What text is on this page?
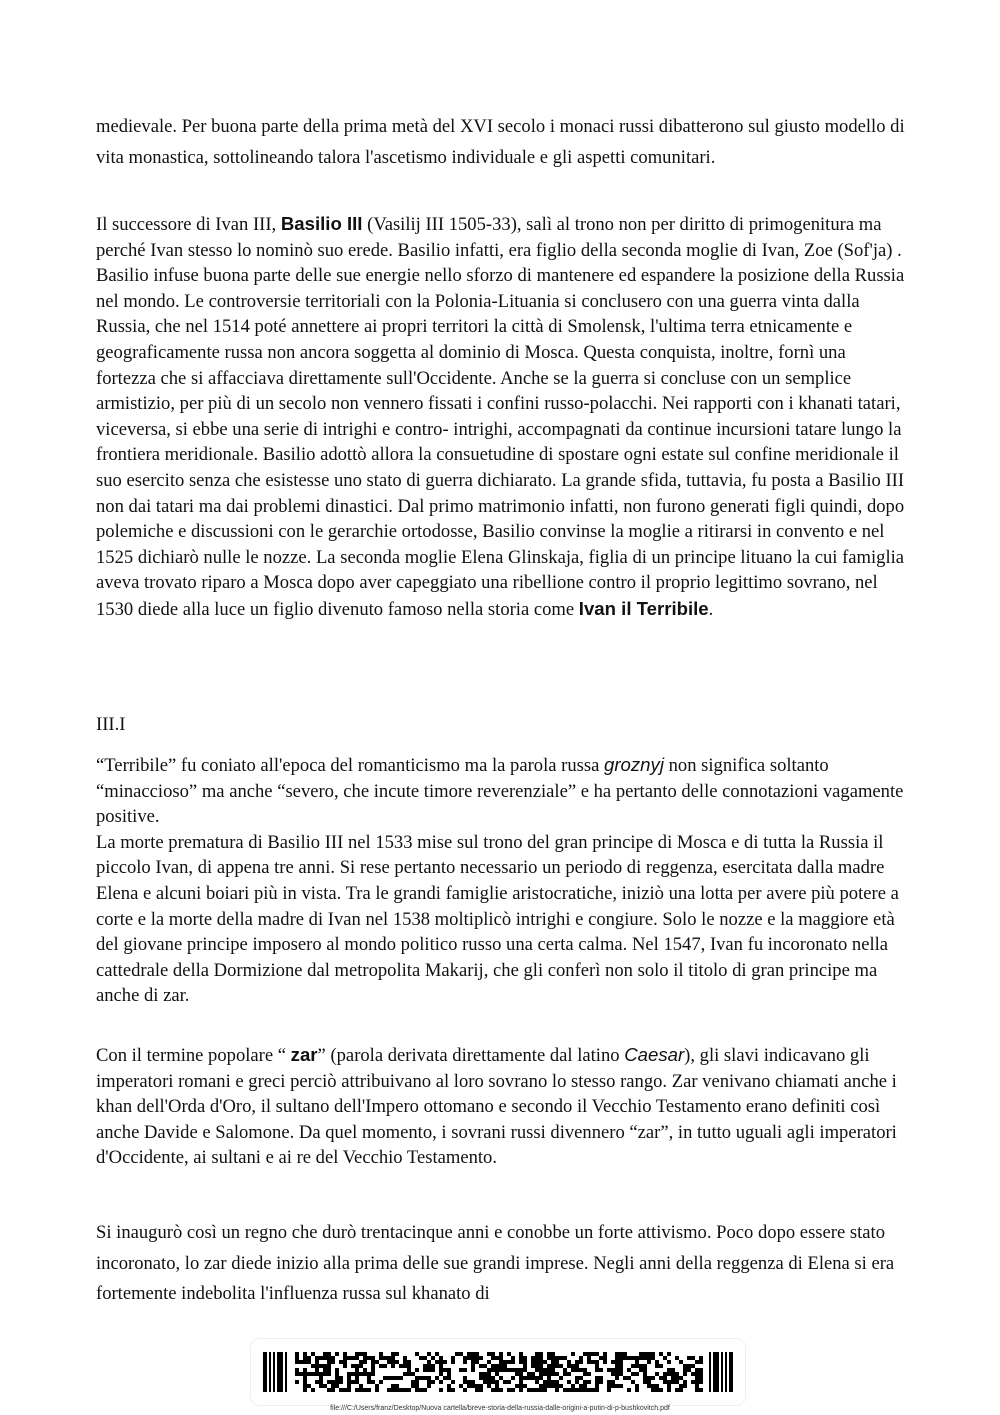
medievale. Per buona parte della prima metà del XVI secolo i monaci russi dibatterono sul giusto modello di vita monastica, sottolineando talora l'ascetismo individuale e gli aspetti comunitari.

Il successore di Ivan III, Basilio III (Vasilij III 1505-33), salì al trono non per diritto di primogenitura ma perché Ivan stesso lo nominò suo erede. Basilio infatti, era figlio della seconda moglie di Ivan, Zoe (Sof'ja) . Basilio infuse buona parte delle sue energie nello sforzo di mantenere ed espandere la posizione della Russia nel mondo. Le controversie territoriali con la Polonia-Lituania si conclusero con una guerra vinta dalla Russia, che nel 1514 poté annettere ai propri territori la città di Smolensk, l'ultima terra etnicamente e geograficamente russa non ancora soggetta al dominio di Mosca. Questa conquista, inoltre, fornì una fortezza che si affacciava direttamente sull'Occidente. Anche se la guerra si concluse con un semplice armistizio, per più di un secolo non vennero fissati i confini russo-polacchi. Nei rapporti con i khanati tatari, viceversa, si ebbe una serie di intrighi e contro- intrighi, accompagnati da continue incursioni tatare lungo la frontiera meridionale. Basilio adottò allora la consuetudine di spostare ogni estate sul confine meridionale il suo esercito senza che esistesse uno stato di guerra dichiarato. La grande sfida, tuttavia, fu posta a Basilio III non dai tatari ma dai problemi dinastici. Dal primo matrimonio infatti, non furono generati figli quindi, dopo polemiche e discussioni con le gerarchie ortodosse, Basilio convinse la moglie a ritirarsi in convento e nel 1525 dichiarò nulle le nozze. La seconda moglie Elena Glinskaja, figlia di un principe lituano la cui famiglia aveva trovato riparo a Mosca dopo aver capeggiato una ribellione contro il proprio legittimo sovrano, nel 1530 diede alla luce un figlio divenuto famoso nella storia come Ivan il Terribile.

III.I

“Terribile” fu coniato all'epoca del romanticismo ma la parola russa groznyj non significa soltanto “minaccioso” ma anche “severo, che incute timore reverenziale” e ha pertanto delle connotazioni vagamente positive.

La morte prematura di Basilio III nel 1533 mise sul trono del gran principe di Mosca e di tutta la Russia il piccolo Ivan, di appena tre anni. Si rese pertanto necessario un periodo di reggenza, esercitata dalla madre Elena e alcuni boiari più in vista. Tra le grandi famiglie aristocratiche, iniziò una lotta per avere più potere a corte e la morte della madre di Ivan nel 1538 moltiplicò intrighi e congiure. Solo le nozze e la maggiore età del giovane principe imposero al mondo politico russo una certa calma. Nel 1547, Ivan fu incoronato nella cattedrale della Dormizione dal metropolita Makarij, che gli conferì non solo il titolo di gran principe ma anche di zar.

Con il termine popolare “ zar” (parola derivata direttamente dal latino Caesar), gli slavi indicavano gli imperatori romani e greci perciò attribuivano al loro sovrano lo stesso rango. Zar venivano chiamati anche i khan dell'Orda d'Oro, il sultano dell'Impero ottomano e secondo il Vecchio Testamento erano definiti così anche Davide e Salomone. Da quel momento, i sovrani russi divennero “zar”, in tutto uguali agli imperatori d'Occidente, ai sultani e ai re del Vecchio Testamento.

Si inaugurò così un regno che durò trentacinque anni e conobbe un forte attivismo. Poco dopo essere stato incoronato, lo zar diede inizio alla prima delle sue grandi imprese. Negli anni della reggenza di Elena si era fortemente indebolita l'influenza russa sul khanato di

file:///C:/Users/franz/Desktop/Nuova cartella/breve-storia-della-russia-dalle-origini-a-putin-di-p-bushkovitch.pdf
